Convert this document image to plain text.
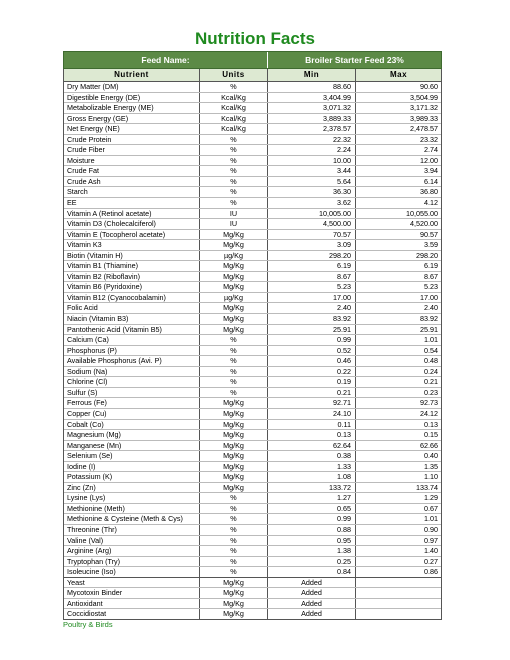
Nutrition Facts
Feed Name:	Broiler Starter Feed 23%
Nutrient	Units	Min	Max
Dry Matter (DM)	%	88.60	90.60
Digestible Energy (DE)	Kcal/Kg	3,404.99	3,504.99
Metabolizable Energy (ME)	Kcal/Kg	3,071.32	3,171.32
Gross Energy (GE)	Kcal/Kg	3,889.33	3,989.33
Net Energy (NE)	Kcal/Kg	2,378.57	2,478.57
Crude Protein	%	22.32	23.32
Crude Fiber	%	2.24	2.74
Moisture	%	10.00	12.00
Crude Fat	%	3.44	3.94
Crude Ash	%	5.64	6.14
Starch	%	36.30	36.80
EE	%	3.62	4.12
Vitamin A (Retinol acetate)	IU	10,005.00	10,055.00
Vitamin D3 (Cholecalciferol)	IU	4,500.00	4,520.00
Vitamin E (Tocopherol acetate)	Mg/Kg	70.57	90.57
Vitamin K3	Mg/Kg	3.09	3.59
Biotin (Vitamin H)	µg/Kg	298.20	298.20
Vitamin B1 (Thiamine)	Mg/Kg	6.19	6.19
Vitamin B2 (Riboflavin)	Mg/Kg	8.67	8.67
Vitamin B6 (Pyridoxine)	Mg/Kg	5.23	5.23
Vitamin B12 (Cyanocobalamin)	µg/Kg	17.00	17.00
Folic Acid	Mg/Kg	2.40	2.40
Niacin (Vitamin B3)	Mg/Kg	83.92	83.92
Pantothenic Acid (Vitamin B5)	Mg/Kg	25.91	25.91
Calcium (Ca)	%	0.99	1.01
Phosphorus (P)	%	0.52	0.54
Available Phosphorus (Avi. P)	%	0.46	0.48
Sodium (Na)	%	0.22	0.24
Chlorine (Cl)	%	0.19	0.21
Sulfur (S)	%	0.21	0.23
Ferrous (Fe)	Mg/Kg	92.71	92.73
Copper (Cu)	Mg/Kg	24.10	24.12
Cobalt (Co)	Mg/Kg	0.11	0.13
Magnesium (Mg)	Mg/Kg	0.13	0.15
Manganese (Mn)	Mg/Kg	62.64	62.66
Selenium (Se)	Mg/Kg	0.38	0.40
Iodine (I)	Mg/Kg	1.33	1.35
Potassium (K)	Mg/Kg	1.08	1.10
Zinc (Zn)	Mg/Kg	133.72	133.74
Lysine (Lys)	%	1.27	1.29
Methionine (Meth)	%	0.65	0.67
Methionine & Cysteine (Meth & Cys)	%	0.99	1.01
Threonine (Thr)	%	0.88	0.90
Valine (Val)	%	0.95	0.97
Arginine (Arg)	%	1.38	1.40
Tryptophan (Try)	%	0.25	0.27
Isoleucine (Iso)	%	0.84	0.86
Yeast	Mg/Kg	Added
Mycotoxin Binder	Mg/Kg	Added
Antioxidant	Mg/Kg	Added
Coccidiostat	Mg/Kg	Added
Poultry & Birds
